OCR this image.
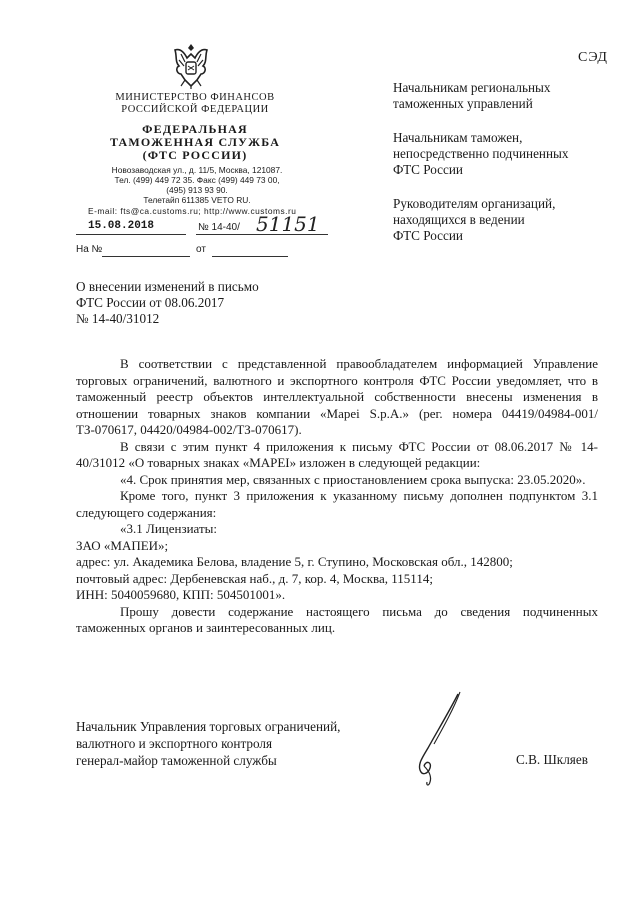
СЭД
МИНИСТЕРСТВО ФИНАНСОВ
РОССИЙСКОЙ ФЕДЕРАЦИИ
ФЕДЕРАЛЬНАЯ
ТАМОЖЕННАЯ СЛУЖБА
(ФТС РОССИИ)
Новозаводская ул., д. 11/5, Москва, 121087.
Тел. (499) 449 72 35. Факс (499) 449 73 00,
(495) 913 93 90.
Телетайп 611385 VETO RU.
E-mail: fts@ca.customs.ru; http://www.customs.ru
15.08.2018	№ 14-40/ 51151
На №	от
Начальникам региональных
таможенных управлений
Начальникам таможен,
непосредственно подчиненных
ФТС России
Руководителям организаций,
находящихся в ведении
ФТС России
О внесении изменений в письмо
ФТС России от 08.06.2017
№ 14-40/31012

В соответствии с представленной правообладателем информацией Управление торговых ограничений, валютного и экспортного контроля ФТС России уведомляет, что в таможенный реестр объектов интеллектуальной собственности внесены изменения в отношении товарных знаков компании «Mapei S.p.A.» (рег. номера 04419/04984-001/ТЗ-070617, 04420/04984-002/ТЗ-070617).

В связи с этим пункт 4 приложения к письму ФТС России от 08.06.2017 № 14-40/31012 «О товарных знаках «MAPEI» изложен в следующей редакции:

«4. Срок принятия мер, связанных с приостановлением срока выпуска: 23.05.2020».

Кроме того, пункт 3 приложения к указанному письму дополнен подпунктом 3.1 следующего содержания:

«3.1 Лицензиаты:

ЗАО «МАПЕИ»;

адрес: ул. Академика Белова, владение 5, г. Ступино, Московская обл., 142800;

почтовый адрес: Дербеневская наб., д. 7, кор. 4, Москва, 115114;

ИНН: 5040059680, КПП: 504501001».

Прошу довести содержание настоящего письма до сведения подчиненных таможенных органов и заинтересованных лиц.

Начальник Управления торговых ограничений,
валютного и экспортного контроля
генерал-майор таможенной службы	С.В. Шкляев
